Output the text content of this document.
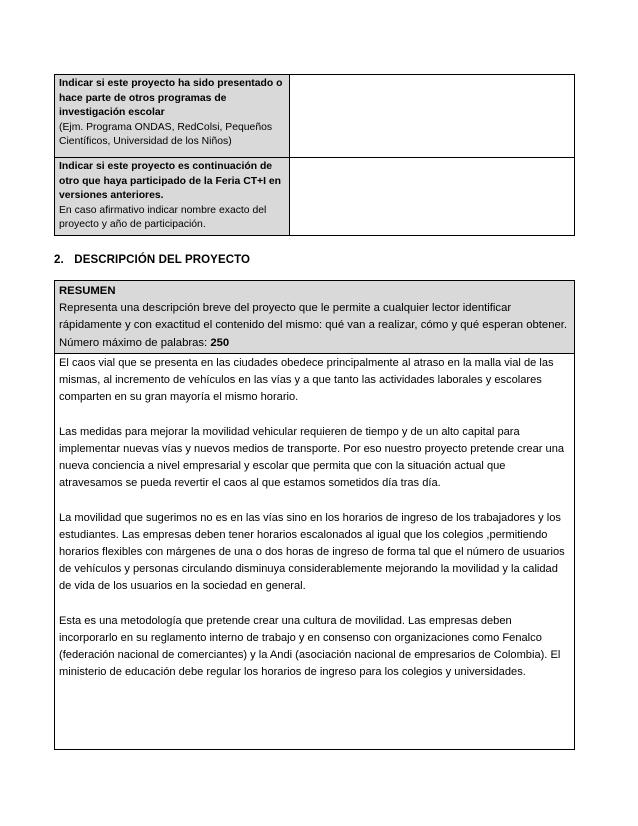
Indicar si este proyecto ha sido presentado o hace parte de otros programas de investigación escolar
(Ejm. Programa ONDAS, RedColsi, Pequeños Científicos, Universidad de los Niños)	

Indicar si este proyecto es continuación de otro que haya participado de la Feria CT+I en versiones anteriores.
En caso afirmativo indicar nombre exacto del proyecto y año de participación.	

2. DESCRIPCIÓN DEL PROYECTO
RESUMEN
Representa una descripción breve del proyecto que le permite a cualquier lector identificar rápidamente y con exactitud el contenido del mismo: qué van a realizar, cómo y qué esperan obtener. Número máximo de palabras: 250

El caos vial que se presenta en las ciudades obedece principalmente al atraso en la malla vial de las mismas, al incremento de vehículos en las vías y a que tanto las actividades laborales y escolares comparten en su gran mayoría el mismo horario.

Las medidas para mejorar la movilidad vehicular requieren de tiempo y de un alto capital para implementar nuevas vías y nuevos medios de transporte. Por eso nuestro proyecto pretende crear una nueva conciencia a nivel empresarial y escolar que permita que con la situación actual que atravesamos se pueda revertir el caos al que estamos sometidos día tras día.

La movilidad que sugerimos no es en las vías sino en los horarios de ingreso de los trabajadores y los estudiantes. Las empresas deben tener horarios escalonados al igual que los colegios ,permitiendo horarios flexibles con márgenes de una o dos horas de ingreso de forma tal que el número de usuarios de vehículos y personas circulando disminuya considerablemente mejorando la movilidad y la calidad de vida de los usuarios en la sociedad en general.

Esta es una metodología que pretende crear una cultura de movilidad. Las empresas deben incorporarlo en su reglamento interno de trabajo y en consenso con organizaciones como Fenalco (federación nacional de comerciantes) y la Andi (asociación nacional de empresarios de Colombia). El ministerio de educación debe regular los horarios de ingreso para los colegios y universidades.
